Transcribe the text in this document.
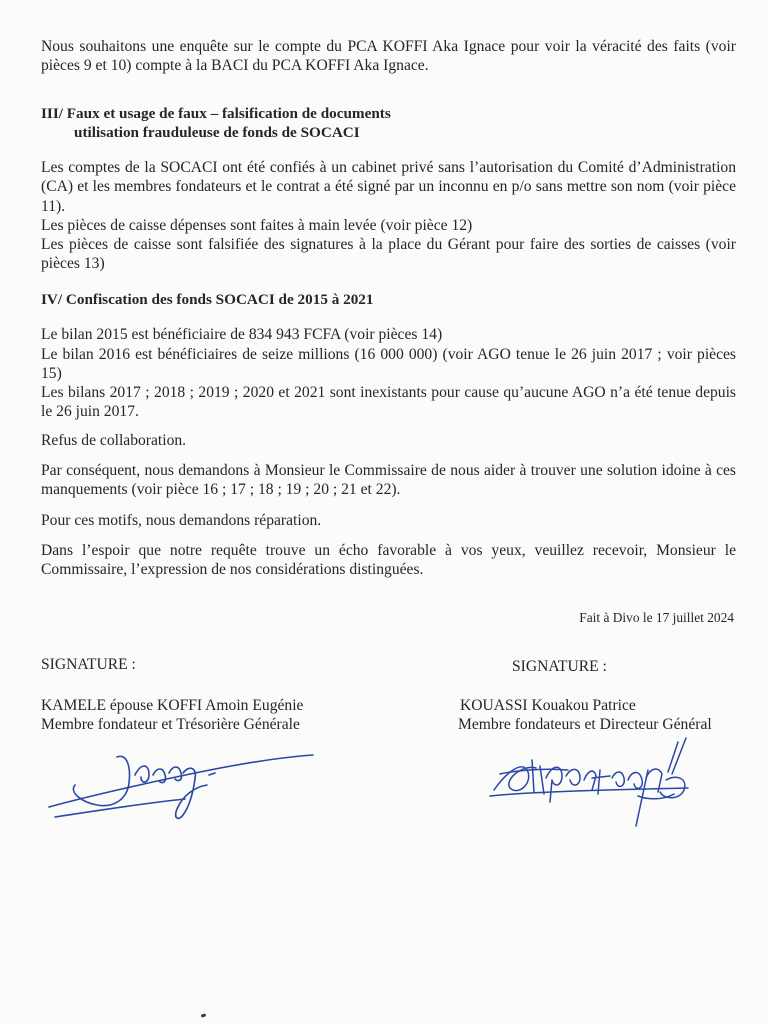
Nous souhaitons une enquête sur le compte du PCA KOFFI Aka Ignace pour voir la véracité des faits (voir pièces 9 et 10) compte à la BACI du PCA KOFFI Aka Ignace.

III/ Faux et usage de faux – falsification de documents
utilisation frauduleuse de fonds de SOCACI

Les comptes de la SOCACI ont été confiés à un cabinet privé sans l’autorisation du Comité d’Administration (CA) et les membres fondateurs et le contrat a été signé par un inconnu en p/o sans mettre son nom (voir pièce 11).

Les pièces de caisse dépenses sont faites à main levée (voir pièce 12)

Les pièces de caisse sont falsifiée des signatures à la place du Gérant pour faire des sorties de caisses (voir pièces 13)

IV/ Confiscation des fonds SOCACI de 2015 à 2021

Le bilan 2015 est bénéficiaire de 834 943 FCFA (voir pièces 14)

Le bilan 2016 est bénéficiaires de seize millions (16 000 000) (voir AGO tenue le 26 juin 2017 ; voir pièces 15)

Les bilans 2017 ; 2018 ; 2019 ; 2020 et 2021 sont inexistants pour cause qu’aucune AGO n’a été tenue depuis le 26 juin 2017.

Refus de collaboration.

Par conséquent, nous demandons à Monsieur le Commissaire de nous aider à trouver une solution idoine à ces manquements (voir pièce 16 ; 17 ; 18 ; 19 ; 20 ; 21 et 22).

Pour ces motifs, nous demandons réparation.

Dans l’espoir que notre requête trouve un écho favorable à vos yeux, veuillez recevoir, Monsieur le Commissaire, l’expression de nos considérations distinguées.

Fait à Divo le 17 juillet 2024

SIGNATURE :	SIGNATURE :

KAMELE épouse KOFFI Amoin Eugénie
Membre fondateur et Trésorière Générale
KOUASSI Kouakou Patrice
Membre fondateurs et Directeur Général
